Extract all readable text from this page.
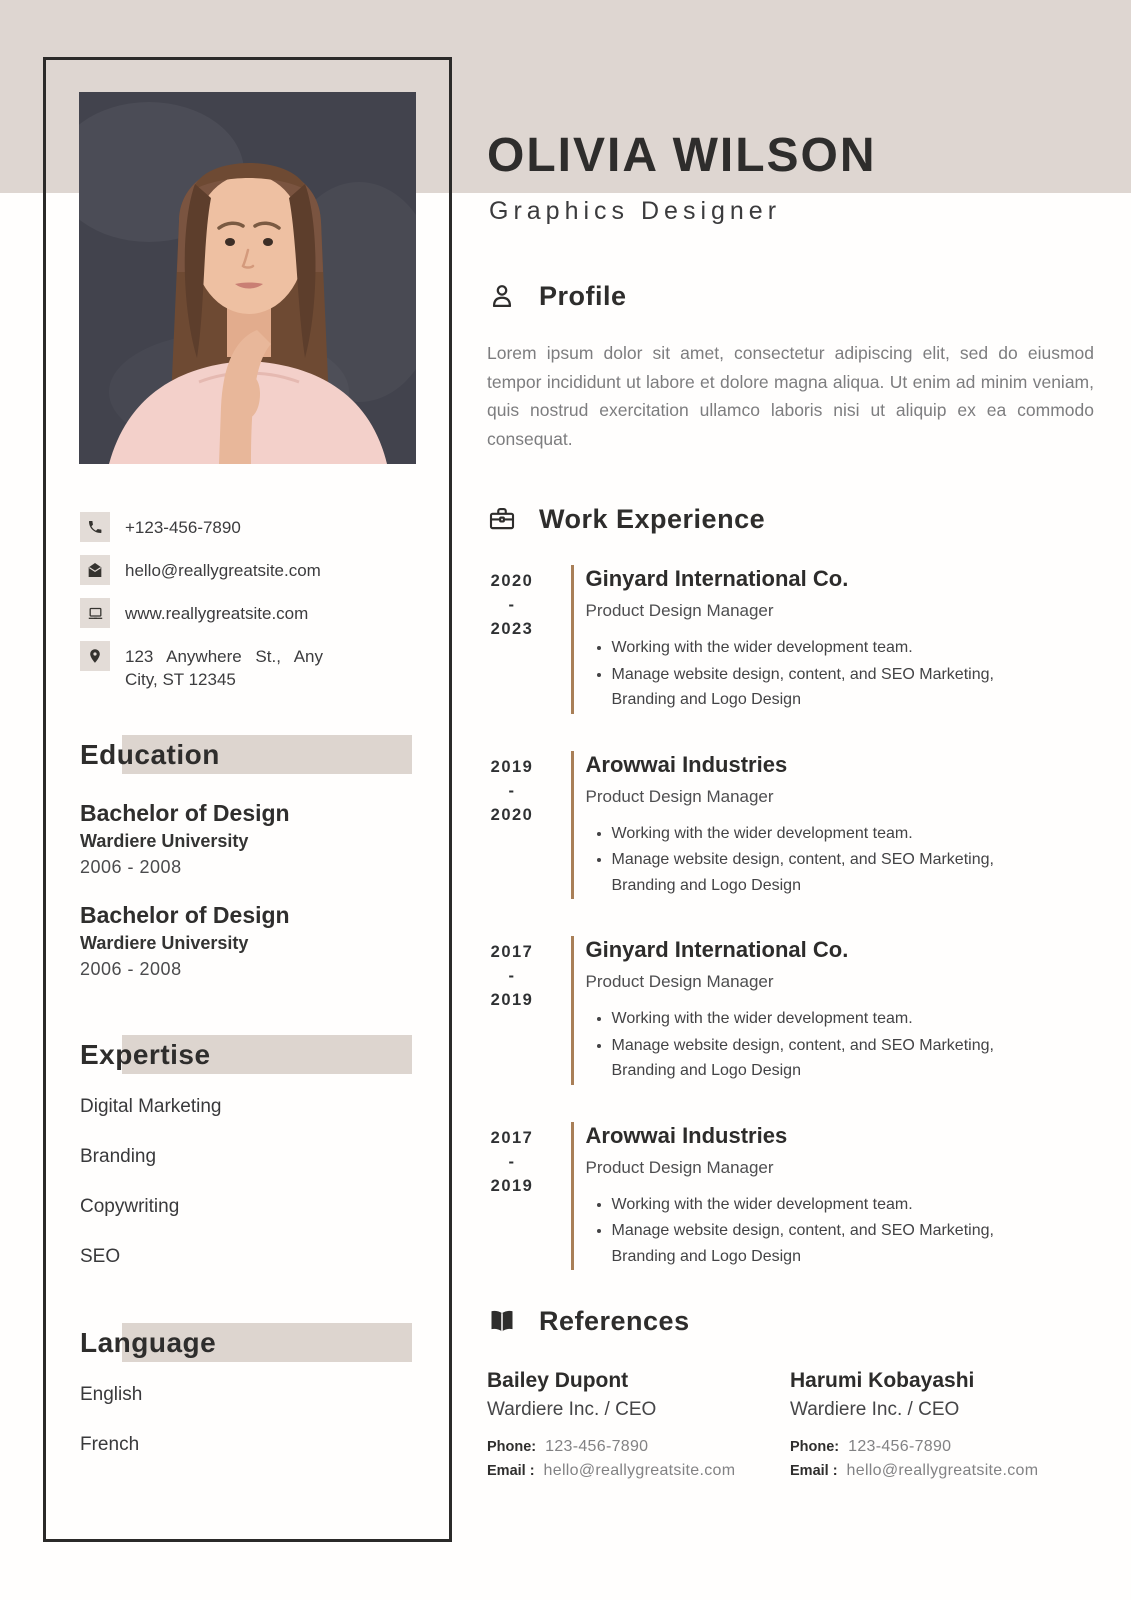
OLIVIA WILSON
Graphics Designer
+123-456-7890
hello@reallygreatsite.com
www.reallygreatsite.com
123 Anywhere St., Any City, ST 12345
Education
Bachelor of Design
Wardiere University
2006 - 2008
Bachelor of Design
Wardiere University
2006 - 2008
Expertise
Digital Marketing
Branding
Copywriting
SEO
Language
English
French
Profile

Lorem ipsum dolor sit amet, consectetur adipiscing elit, sed do eiusmod tempor incididunt ut labore et dolore magna aliqua. Ut enim ad minim veniam, quis nostrud exercitation ullamco laboris nisi ut aliquip ex ea commodo consequat.

Work Experience
2020
-
2023
Ginyard International Co.
Product Design Manager
• Working with the wider development team.
• Manage website design, content, and SEO Marketing, Branding and Logo Design
2019
-
2020
Arowwai Industries
Product Design Manager
• Working with the wider development team.
• Manage website design, content, and SEO Marketing, Branding and Logo Design
2017
-
2019
Ginyard International Co.
Product Design Manager
• Working with the wider development team.
• Manage website design, content, and SEO Marketing, Branding and Logo Design
2017
-
2019
Arowwai Industries
Product Design Manager
• Working with the wider development team.
• Manage website design, content, and SEO Marketing, Branding and Logo Design
References
Bailey Dupont
Wardiere Inc. / CEO
Phone: 123-456-7890
Email : hello@reallygreatsite.com
Harumi Kobayashi
Wardiere Inc. / CEO
Phone: 123-456-7890
Email : hello@reallygreatsite.com
